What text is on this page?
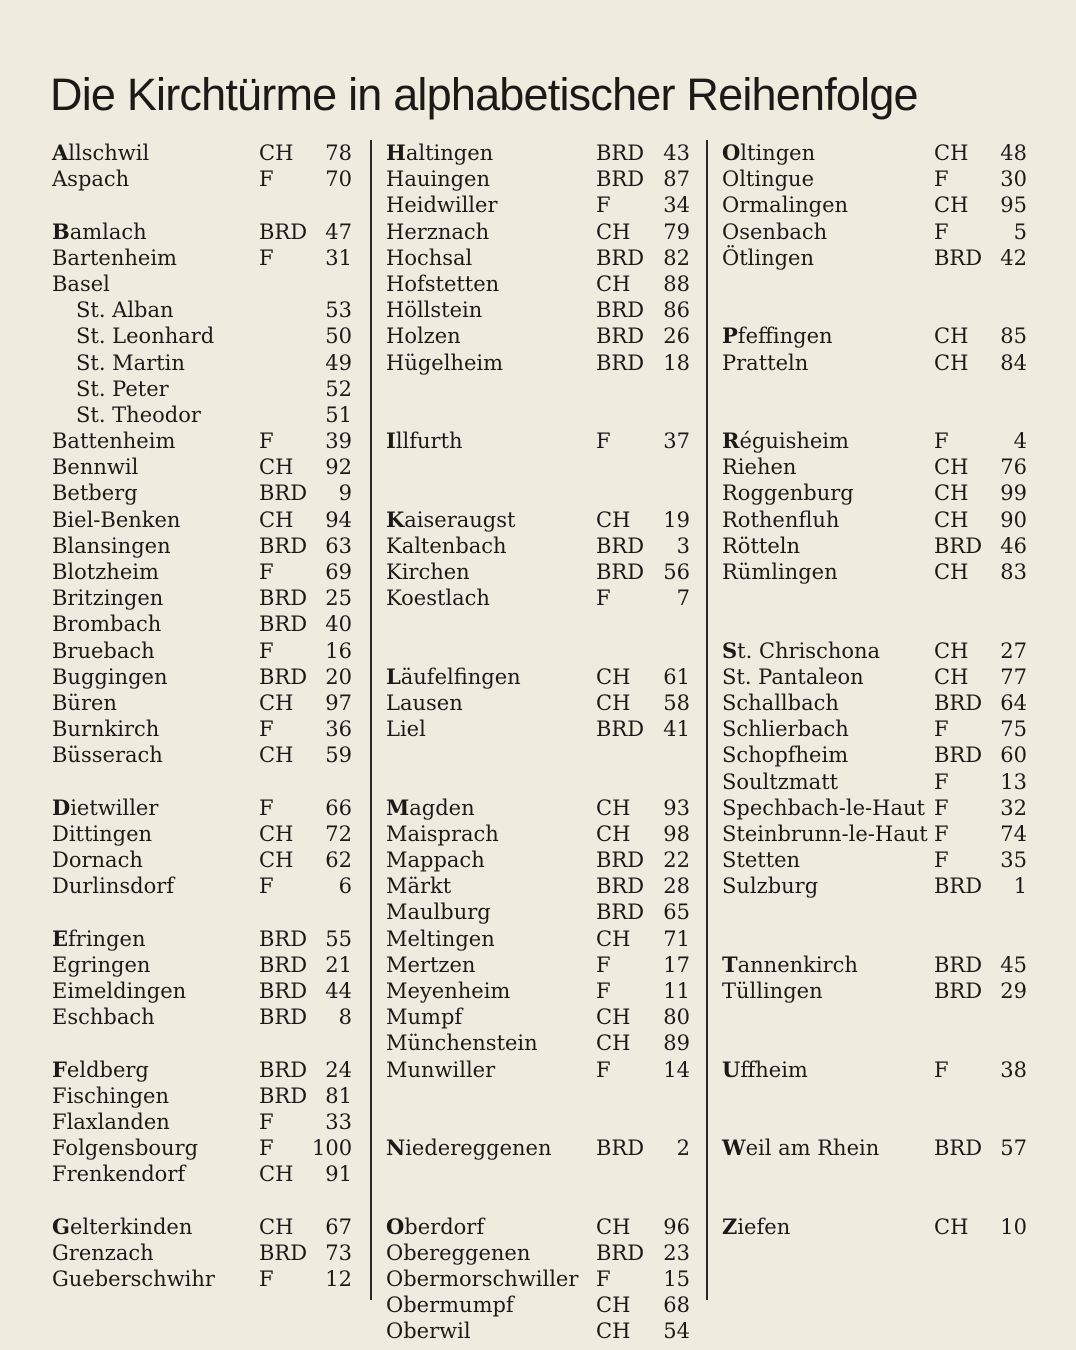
Die Kirchtürme in alphabetischer Reihenfolge
Allschwil	CH	78
Aspach	F	70
Bamlach	BRD 47
Bartenheim	F	31
Basel
St. Alban	53
St. Leonhard	50
St. Martin	49
St. Peter	52
St. Theodor	51
Battenheim	F	39
Bennwil	CH	92
Betberg	BRD	9
Biel-Benken	CH	94
Blansingen	BRD 63
Blotzheim	F	69
Britzingen	BRD 25
Brombach	BRD 40
Bruebach	F	16
Buggingen	BRD 20
Büren	CH	97
Burnkirch	F	36
Büsserach	CH	59
Dietwiller	F	66
Dittingen	CH	72
Dornach	CH	62
Durlinsdorf	F	6
Efringen	BRD 55
Egringen	BRD 21
Eimeldingen	BRD 44
Eschbach	BRD	8
Feldberg	BRD 24
Fischingen	BRD 81
Flaxlanden	F	33
Folgensbourg	F 100
Frenkendorf	CH	91
Gelterkinden	CH	67
Grenzach	BRD 73
Gueberschwihr F	12
Haltingen	BRD 43
Hauingen	BRD 87
Heidwiller	F	34
Herznach	CH	79
Hochsal	BRD 82
Hofstetten	CH	88
Höllstein	BRD 86
Holzen	BRD 26
Hügelheim	BRD 18
Illfurth	F	37
Kaiseraugst	CH	19
Kaltenbach	BRD	3
Kirchen	BRD 56
Koestlach	F	7
Läufelfingen	CH	61
Lausen	CH	58
Liel	BRD 41
Magden	CH	93
Maisprach	CH	98
Mappach	BRD 22
Märkt	BRD 28
Maulburg	BRD 65
Meltingen	CH	71
Mertzen	F	17
Meyenheim	F	11
Mumpf	CH	80
Münchenstein	CH	89
Munwiller	F	14
Niedereggenen BRD	2
Oberdorf	CH	96
Obereggenen	BRD 23
Obermorschwiller F	15
Obermumpf	CH	68
Oberwil	CH	54
Oltingen	CH	48
Oltingue	F	30
Ormalingen	CH	95
Osenbach	F	5
Ötlingen	BRD 42
Pfeffingen	CH	85
Pratteln	CH	84
Réguisheim	F	4
Riehen	CH	76
Roggenburg	CH	99
Rothenfluh	CH	90
Rötteln	BRD 46
Rümlingen	CH	83
St. Chrischona	CH	27
St. Pantaleon	CH	77
Schallbach	BRD 64
Schlierbach	F	75
Schopfheim	BRD 60
Soultzmatt	F	13
Spechbach-le-Haut F	32
Steinbrunn-le-Haut F	74
Stetten	F	35
Sulzburg	BRD	1
Tannenkirch	BRD 45
Tüllingen	BRD 29
Uffheim	F	38
Weil am Rhein	BRD 57
Ziefen	CH	10
